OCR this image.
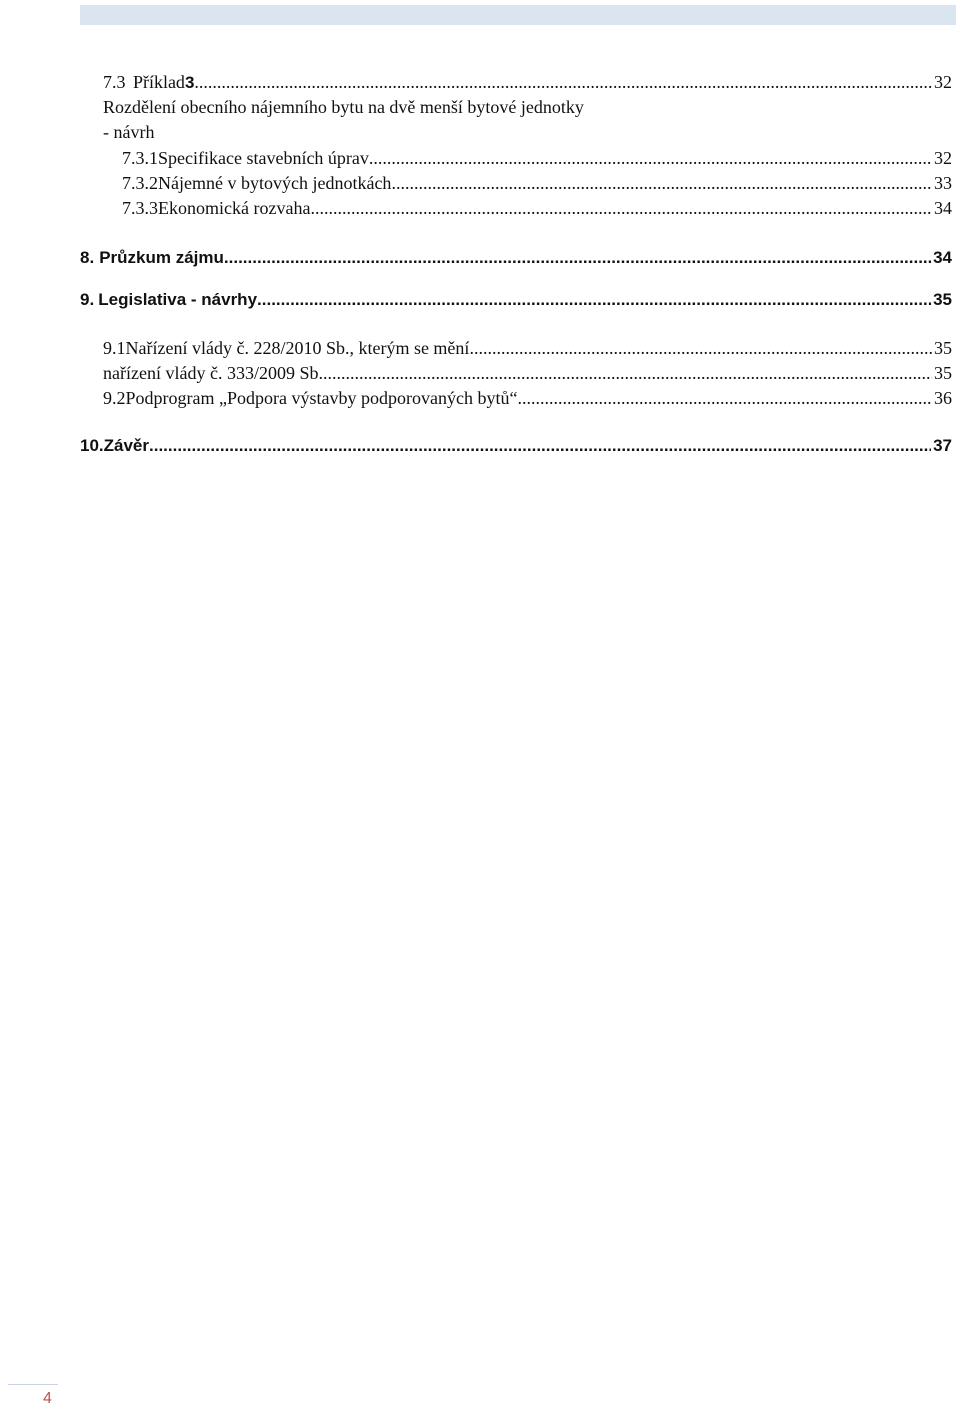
7.3 Příklad 3 .....	32
Rozdělení obecního nájemního bytu na dvě menší bytové jednotky
- návrh
7.3.1 Specifikace stavebních úprav .....	32
7.3.2 Nájemné v bytových jednotkách .....	33
7.3.3 Ekonomická rozvaha .....	34
8. Průzkum zájmu .....	34
9. Legislativa - návrhy .....	35
9.1 Nařízení vlády č. 228/2010 Sb., kterým se mění .....	35
nařízení vlády č. 333/2009 Sb. .....	35
9.2 Podprogram „Podpora výstavby podporovaných bytů“ .....	36
10. Závěr .....	37
4
